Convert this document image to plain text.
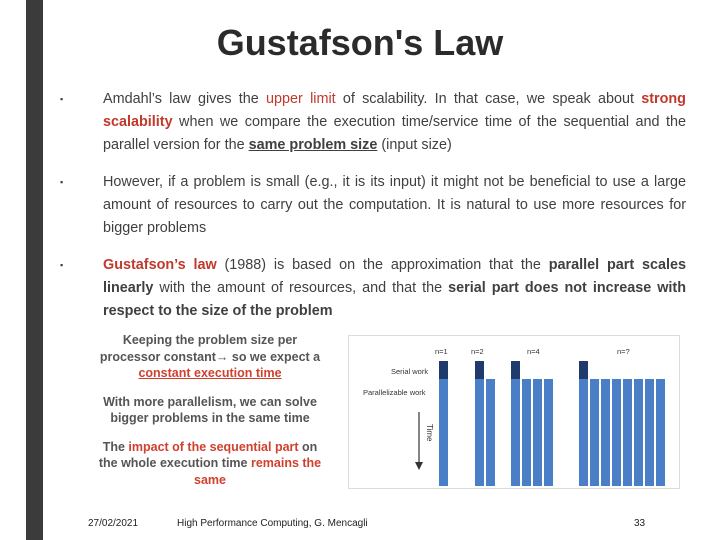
Gustafson's Law
▪	Amdahl’s law gives the upper limit of scalability. In that case, we speak about strong scalability when we compare the execution time/service time of the sequential and the parallel version for the same problem size (input size)
▪	However, if a problem is small (e.g., it is its input) it might not be beneficial to use a large amount of resources to carry out the computation. It is natural to use more resources for bigger problems
▪	Gustafson’s law (1988) is based on the approximation that the parallel part scales linearly with the amount of resources, and that the serial part does not increase with respect to the size of the problem

Keeping the problem size per processor constant→ so we expect a
constant execution time

With more parallelism, we can solve bigger problems in the same time

The impact of the sequential part on the whole execution time remains the same

n=1	n=2	n=4	n=?
Serial work
Parallelizable work
Time
27/02/2021	High Performance Computing, G. Mencagli	33
